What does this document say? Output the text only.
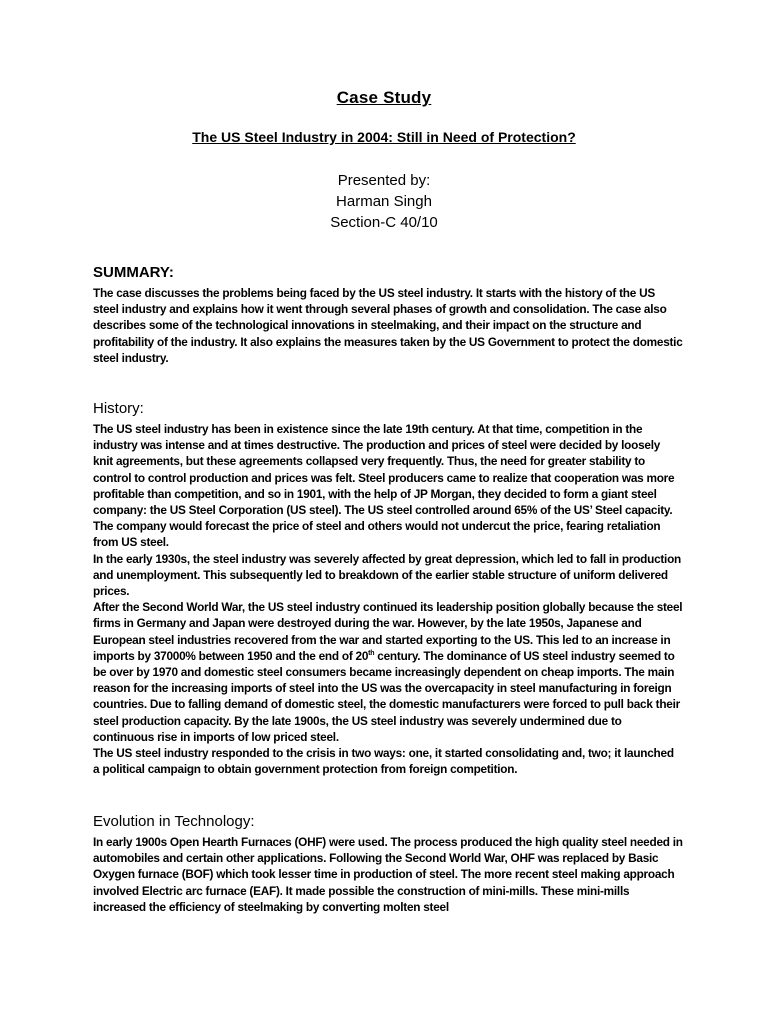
Case Study
The US Steel Industry in 2004: Still in Need of Protection?
Presented by:
Harman Singh
Section-C 40/10
SUMMARY:

The case discusses the problems being faced by the US steel industry. It starts with the history of the US steel industry and explains how it went through several phases of growth and consolidation. The case also describes some of the technological innovations in steelmaking, and their impact on the structure and profitability of the industry. It also explains the measures taken by the US Government to protect the domestic steel industry.

History:

The US steel industry has been in existence since the late 19th century. At that time, competition in the industry was intense and at times destructive. The production and prices of steel were decided by loosely knit agreements, but these agreements collapsed very frequently. Thus, the need for greater stability to control to control production and prices was felt. Steel producers came to realize that cooperation was more profitable than competition, and so in 1901, with the help of JP Morgan, they decided to form a giant steel company: the US Steel Corporation (US steel). The US steel controlled around 65% of the US’ Steel capacity. The company would forecast the price of steel and others would not undercut the price, fearing retaliation from US steel.

In the early 1930s, the steel industry was severely affected by great depression, which led to fall in production and unemployment. This subsequently led to breakdown of the earlier stable structure of uniform delivered prices.

After the Second World War, the US steel industry continued its leadership position globally because the steel firms in Germany and Japan were destroyed during the war. However, by the late 1950s, Japanese and European steel industries recovered from the war and started exporting to the US. This led to an increase in imports by 37000% between 1950 and the end of 20th century. The dominance of US steel industry seemed to be over by 1970 and domestic steel consumers became increasingly dependent on cheap imports. The main reason for the increasing imports of steel into the US was the overcapacity in steel manufacturing in foreign countries. Due to falling demand of domestic steel, the domestic manufacturers were forced to pull back their steel production capacity. By the late 1900s, the US steel industry was severely undermined due to continuous rise in imports of low priced steel.

The US steel industry responded to the crisis in two ways: one, it started consolidating and, two; it launched a political campaign to obtain government protection from foreign competition.

Evolution in Technology:

In early 1900s Open Hearth Furnaces (OHF) were used. The process produced the high quality steel needed in automobiles and certain other applications. Following the Second World War, OHF was replaced by Basic Oxygen furnace (BOF) which took lesser time in production of steel. The more recent steel making approach involved Electric arc furnace (EAF). It made possible the construction of mini-mills. These mini-mills increased the efficiency of steelmaking by converting molten steel
